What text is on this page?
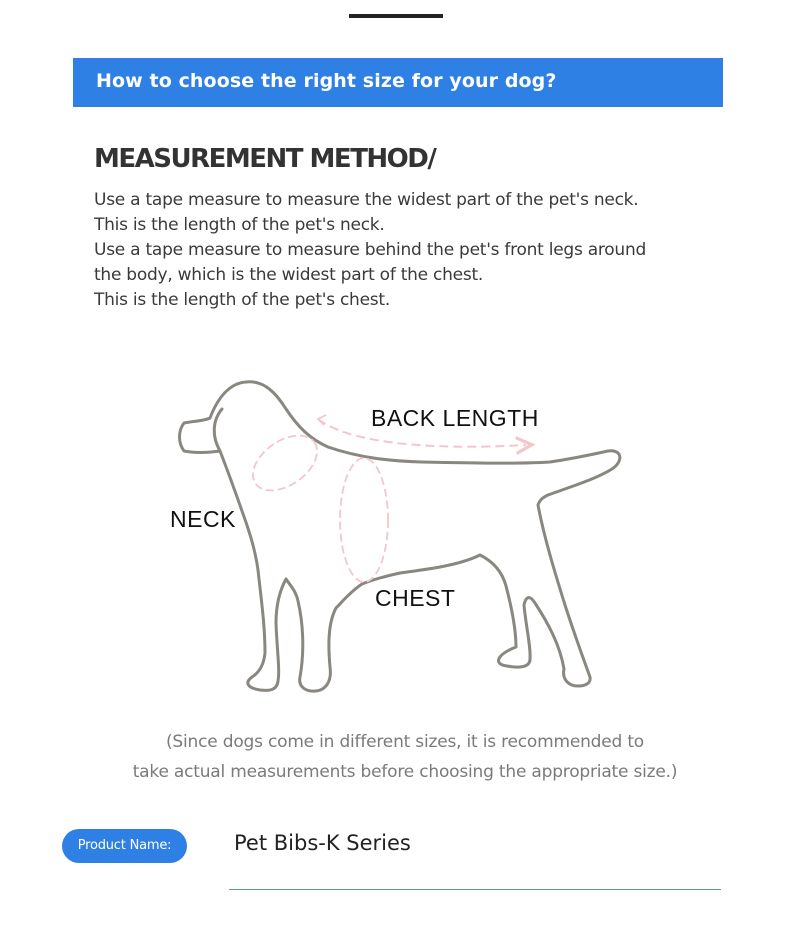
How to choose the right size for your dog?
MEASUREMENT METHOD/
Use a tape measure to measure the widest part of the pet's neck.
This is the length of the pet's neck.
Use a tape measure to measure behind the pet's front legs around
the body, which is the widest part of the chest.
This is the length of the pet's chest.
BACK LENGTH
NECK
CHEST
(Since dogs come in different sizes, it is recommended to
take actual measurements before choosing the appropriate size.)
Product Name:	Pet Bibs-K Series
